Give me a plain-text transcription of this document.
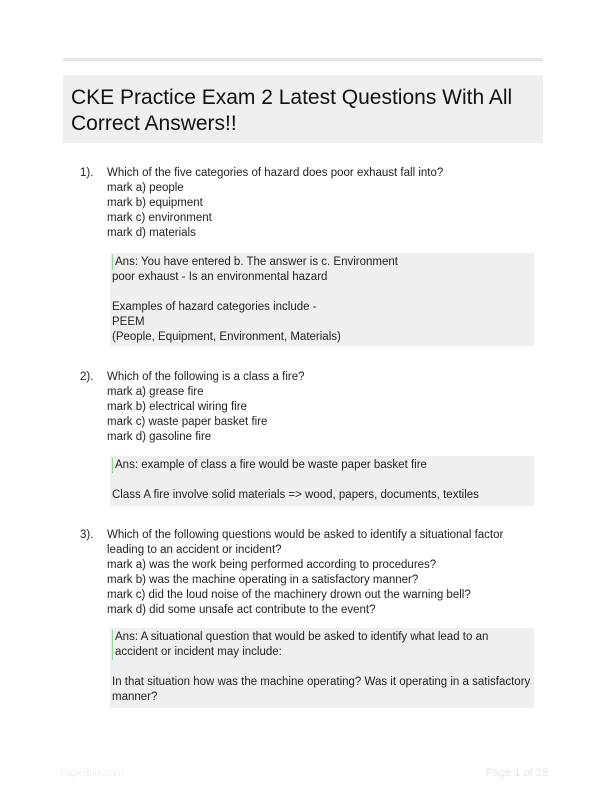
CKE Practice Exam 2 Latest Questions With All Correct Answers!!
1). Which of the five categories of hazard does poor exhaust fall into?
mark a) people
mark b) equipment
mark c) environment
mark d) materials
Ans: You have entered b. The answer is c. Environment
poor exhaust - Is an environmental hazard
Examples of hazard categories include -
PEEM
(People, Equipment, Environment, Materials)
2). Which of the following is a class a fire?
mark a) grease fire
mark b) electrical wiring fire
mark c) waste paper basket fire
mark d) gasoline fire
Ans: example of class a fire would be waste paper basket fire
Class A fire involve solid materials => wood, papers, documents, textiles
3). Which of the following questions would be asked to identify a situational factor leading to an accident or incident?
mark a) was the work being performed according to procedures?
mark b) was the machine operating in a satisfactory manner?
mark c) did the loud noise of the machinery drown out the warning bell?
mark d) did some unsafe act contribute to the event?
Ans: A situational question that would be asked to identify what lead to an accident or incident may include:
In that situation how was the machine operating? Was it operating in a satisfactory manner?
Paperbliz.com	Page 1 of 28
